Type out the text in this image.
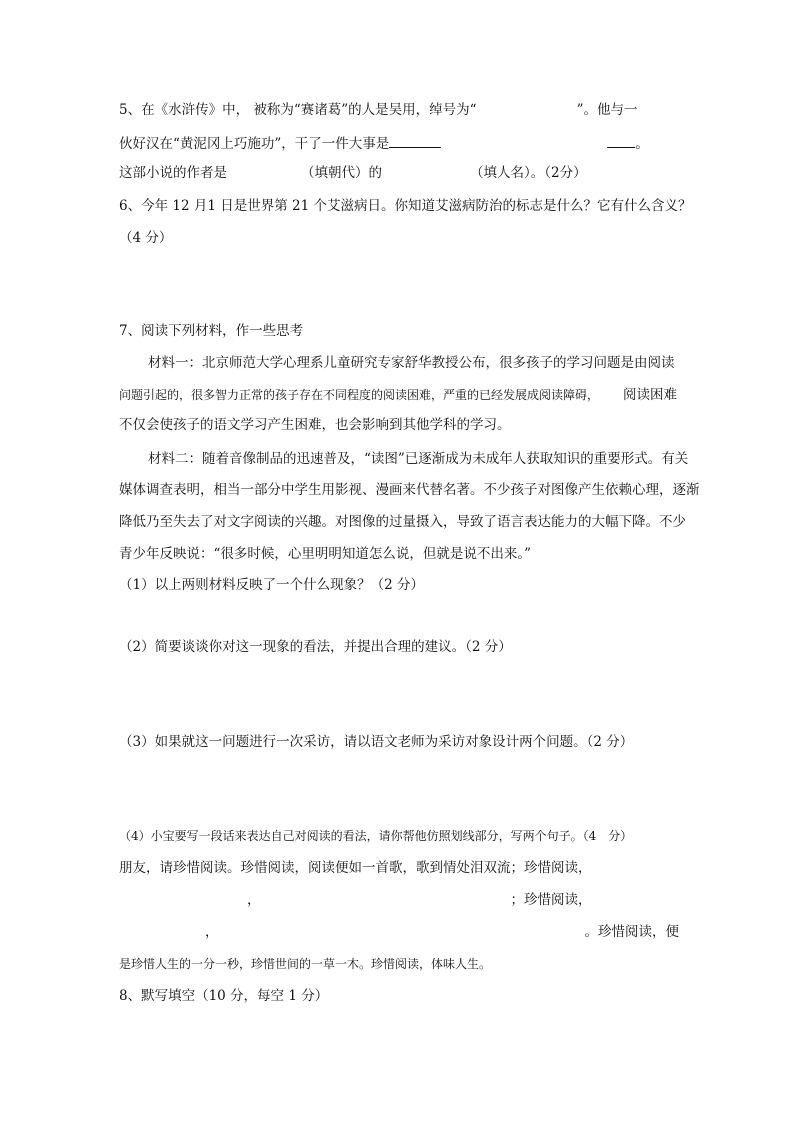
5、在《水浒传》中， 被称为“赛诸葛”的人是吴用，绰号为“	”。他与一
伙好汉在“黄泥冈上巧施功”，干了一件大事是	。
这部小说的作者是	（填朝代）的	（填人名）。（2分）
6、今年 12 月1 日是世界第 21 个艾滋病日。你知道艾滋病防治的标志是什么？它有什么含义？
（4 分）
7、阅读下列材料，作一些思考
材料一：北京师范大学心理系儿童研究专家舒华教授公布，很多孩子的学习问题是由阅读
问题引起的，很多智力正常的孩子存在不同程度的阅读困难，严重的已经发展成阅读障碍， 阅读困难
不仅会使孩子的语文学习产生困难，也会影响到其他学科的学习。
材料二：随着音像制品的迅速普及，“读图”已逐渐成为未成年人获取知识的重要形式。有关
媒体调查表明，相当一部分中学生用影视、漫画来代替名著。不少孩子对图像产生依赖心理，逐渐
降低乃至失去了对文字阅读的兴趣。对图像的过量摄入，导致了语言表达能力的大幅下降。不少
青少年反映说：“很多时候，心里明明知道怎么说，但就是说不出来。”
（1）以上两则材料反映了一个什么现象？（2 分）
（2）简要谈谈你对这一现象的看法，并提出合理的建议。（2 分）
（3）如果就这一问题进行一次采访，请以语文老师为采访对象设计两个问题。（2 分）
（4）小宝要写一段话来表达自己对阅读的看法，请你帮他仿照划线部分，写两个句子。（4　分）
朋友，请珍惜阅读。珍惜阅读，阅读便如一首歌，歌到情处泪双流；珍惜阅读，
，	；珍惜阅读，
，	。珍惜阅读，便
是珍惜人生的一分一秒，珍惜世间的一草一木。珍惜阅读，体味人生。
8、默写填空（10 分，每空 1 分）
